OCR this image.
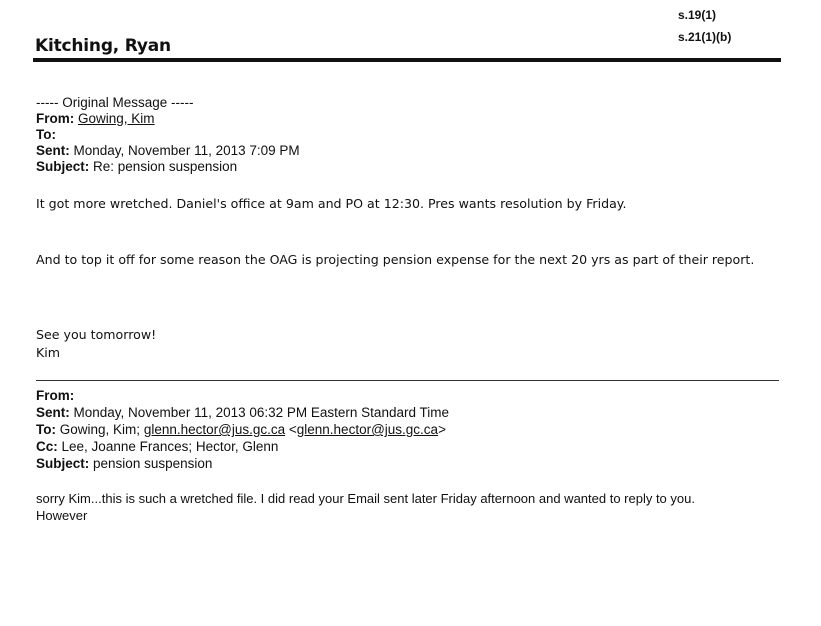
s.19(1)
s.21(1)(b)
Kitching, Ryan
----- Original Message -----
From: Gowing, Kim
To:
Sent: Monday, November 11, 2013 7:09 PM
Subject: Re: pension suspension
It got more wretched. Daniel's office at 9am and PO at 12:30. Pres wants resolution by Friday.
And to top it off for some reason the OAG is projecting pension expense for the next 20 yrs as part of their report.
See you tomorrow!
Kim
From:
Sent: Monday, November 11, 2013 06:32 PM Eastern Standard Time
To: Gowing, Kim; glenn.hector@jus.gc.ca <glenn.hector@jus.gc.ca>
Cc: Lee, Joanne Frances; Hector, Glenn
Subject: pension suspension
sorry Kim...this is such a wretched file. I did read your Email sent later Friday afternoon and wanted to reply to you. However
